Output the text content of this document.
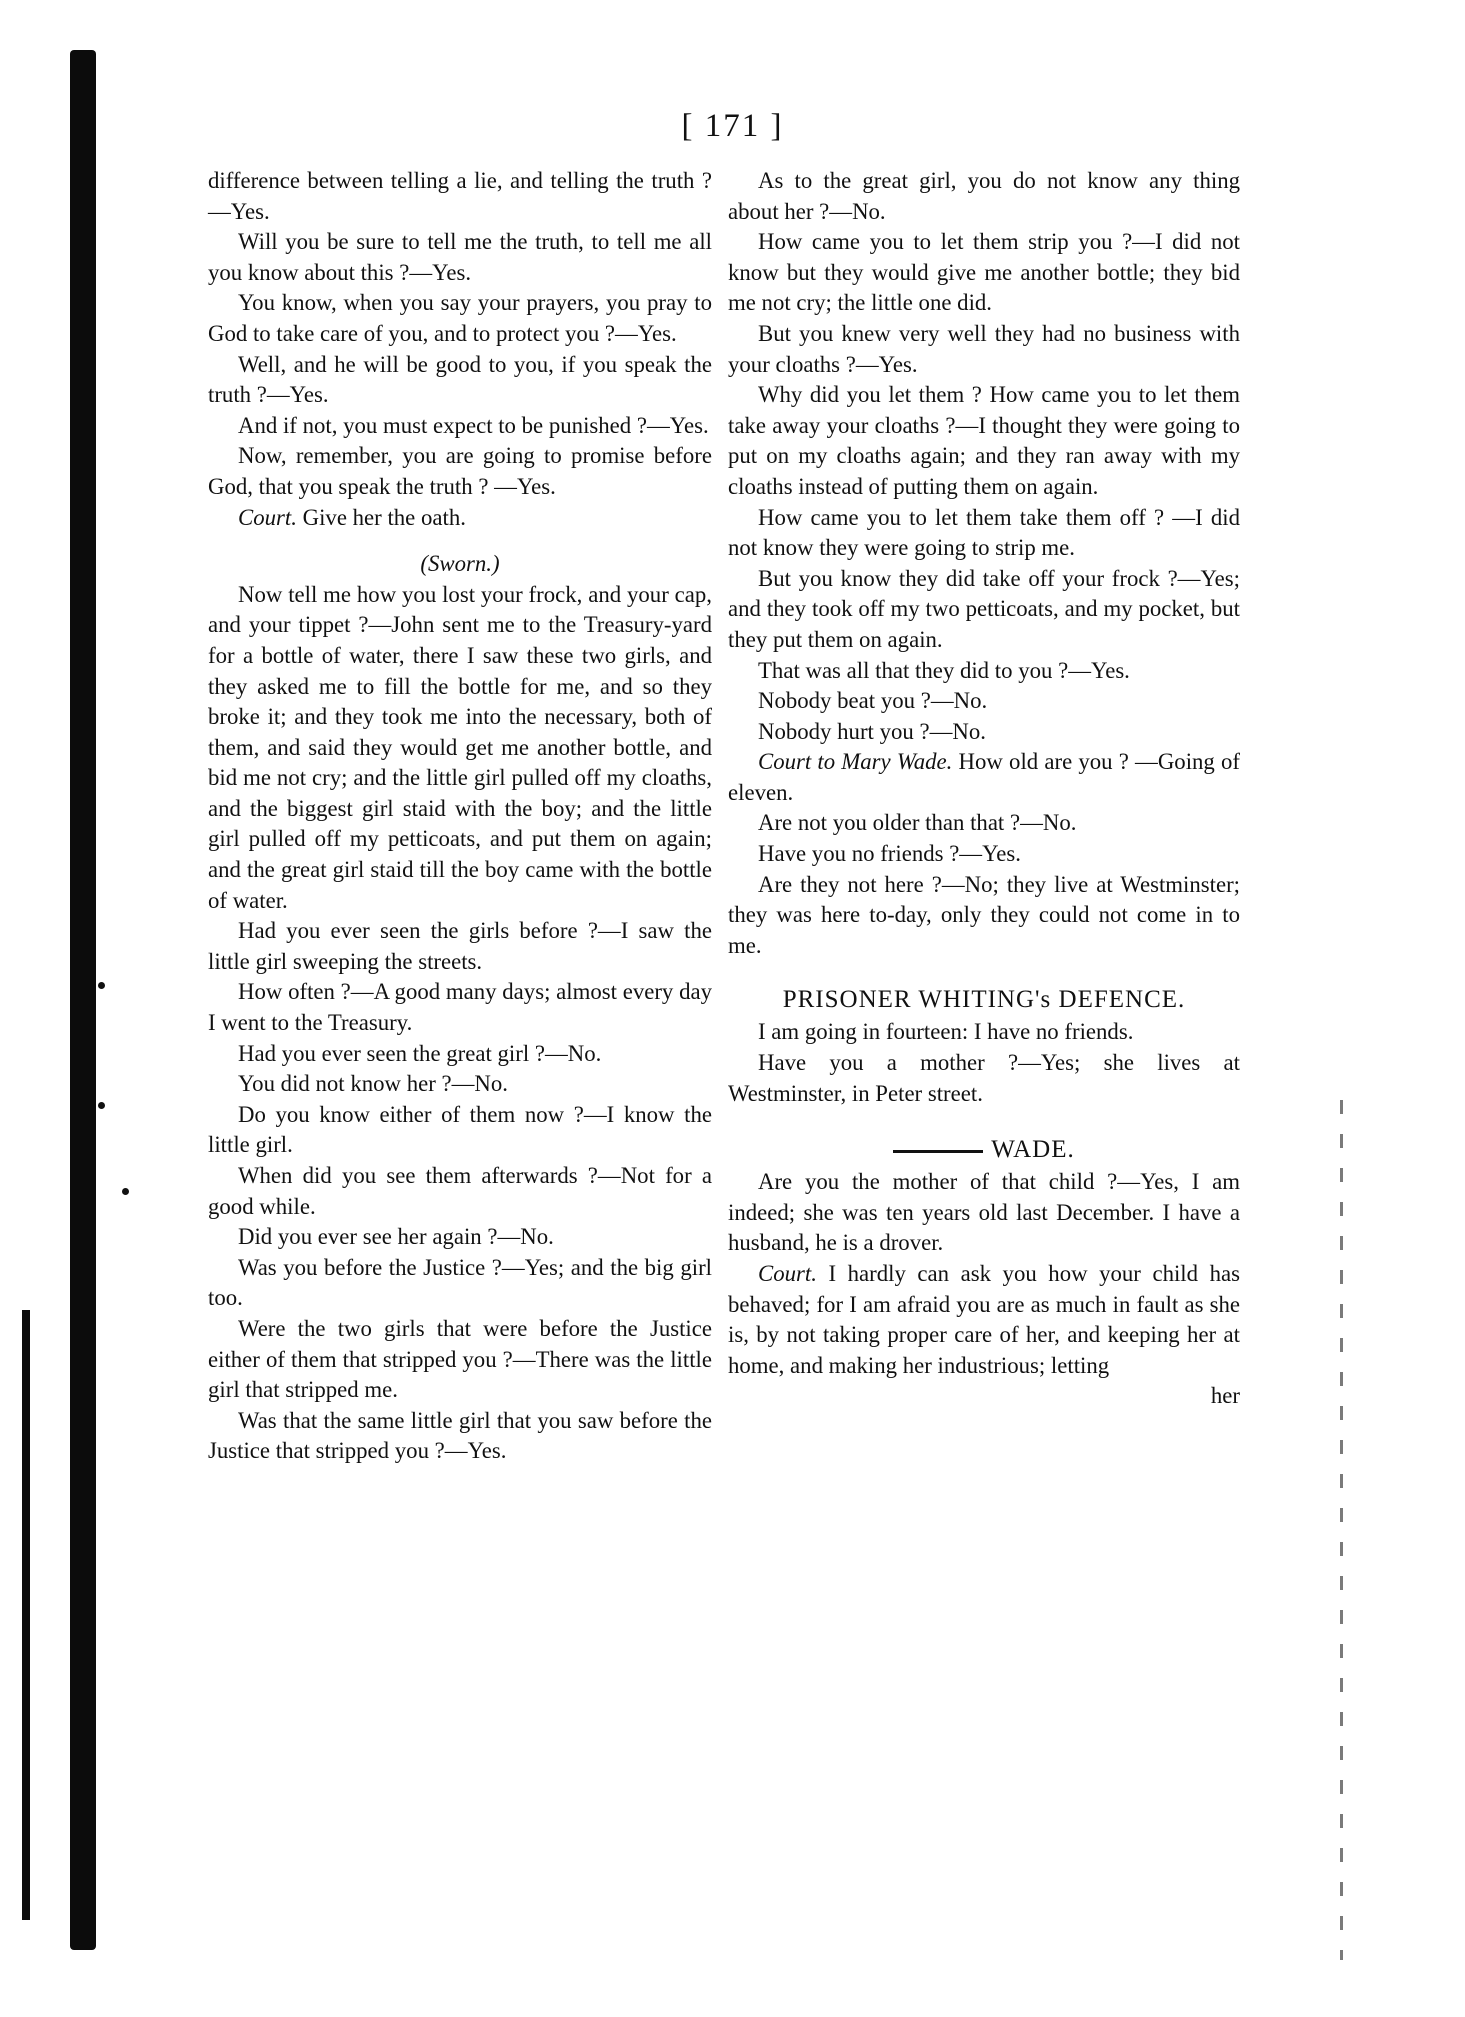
[ 171 ]

difference between telling a lie, and telling the truth ?—Yes.

Will you be sure to tell me the truth, to tell me all you know about this ?—Yes.

You know, when you say your prayers, you pray to God to take care of you, and to protect you ?—Yes.

Well, and he will be good to you, if you speak the truth ?—Yes.

And if not, you must expect to be punished ?—Yes.

Now, remember, you are going to promise before God, that you speak the truth ? —Yes.

Court. Give her the oath.

(Sworn.)

Now tell me how you lost your frock, and your cap, and your tippet ?—John sent me to the Treasury-yard for a bottle of water, there I saw these two girls, and they asked me to fill the bottle for me, and so they broke it; and they took me into the necessary, both of them, and said they would get me another bottle, and bid me not cry; and the little girl pulled off my cloaths, and the biggest girl staid with the boy; and the little girl pulled off my petticoats, and put them on again; and the great girl staid till the boy came with the bottle of water.

Had you ever seen the girls before ?—I saw the little girl sweeping the streets.

How often ?—A good many days; almost every day I went to the Treasury.

Had you ever seen the great girl ?—No.

You did not know her ?—No.

Do you know either of them now ?—I know the little girl.

When did you see them afterwards ?—Not for a good while.

Did you ever see her again ?—No.

Was you before the Justice ?—Yes; and the big girl too.

Were the two girls that were before the Justice either of them that stripped you ?—There was the little girl that stripped me.

Was that the same little girl that you saw before the Justice that stripped you ?—Yes.

As to the great girl, you do not know any thing about her ?—No.

How came you to let them strip you ?—I did not know but they would give me another bottle; they bid me not cry; the little one did.

But you knew very well they had no business with your cloaths ?—Yes.

Why did you let them ? How came you to let them take away your cloaths ?—I thought they were going to put on my cloaths again; and they ran away with my cloaths instead of putting them on again.

How came you to let them take them off ? —I did not know they were going to strip me.

But you know they did take off your frock ?—Yes; and they took off my two petticoats, and my pocket, but they put them on again.

That was all that they did to you ?—Yes.

Nobody beat you ?—No.

Nobody hurt you ?—No.

Court to Mary Wade. How old are you ? —Going of eleven.

Are not you older than that ?—No.

Have you no friends ?—Yes.

Are they not here ?—No; they live at Westminster; they was here to-day, only they could not come in to me.

PRISONER WHITING's DEFENCE.

I am going in fourteen: I have no friends.

Have you a mother ?—Yes; she lives at Westminster, in Peter street.

WADE.

Are you the mother of that child ?—Yes, I am indeed; she was ten years old last December. I have a husband, he is a drover.

Court. I hardly can ask you how your child has behaved; for I am afraid you are as much in fault as she is, by not taking proper care of her, and keeping her at home, and making her industrious; letting

her
